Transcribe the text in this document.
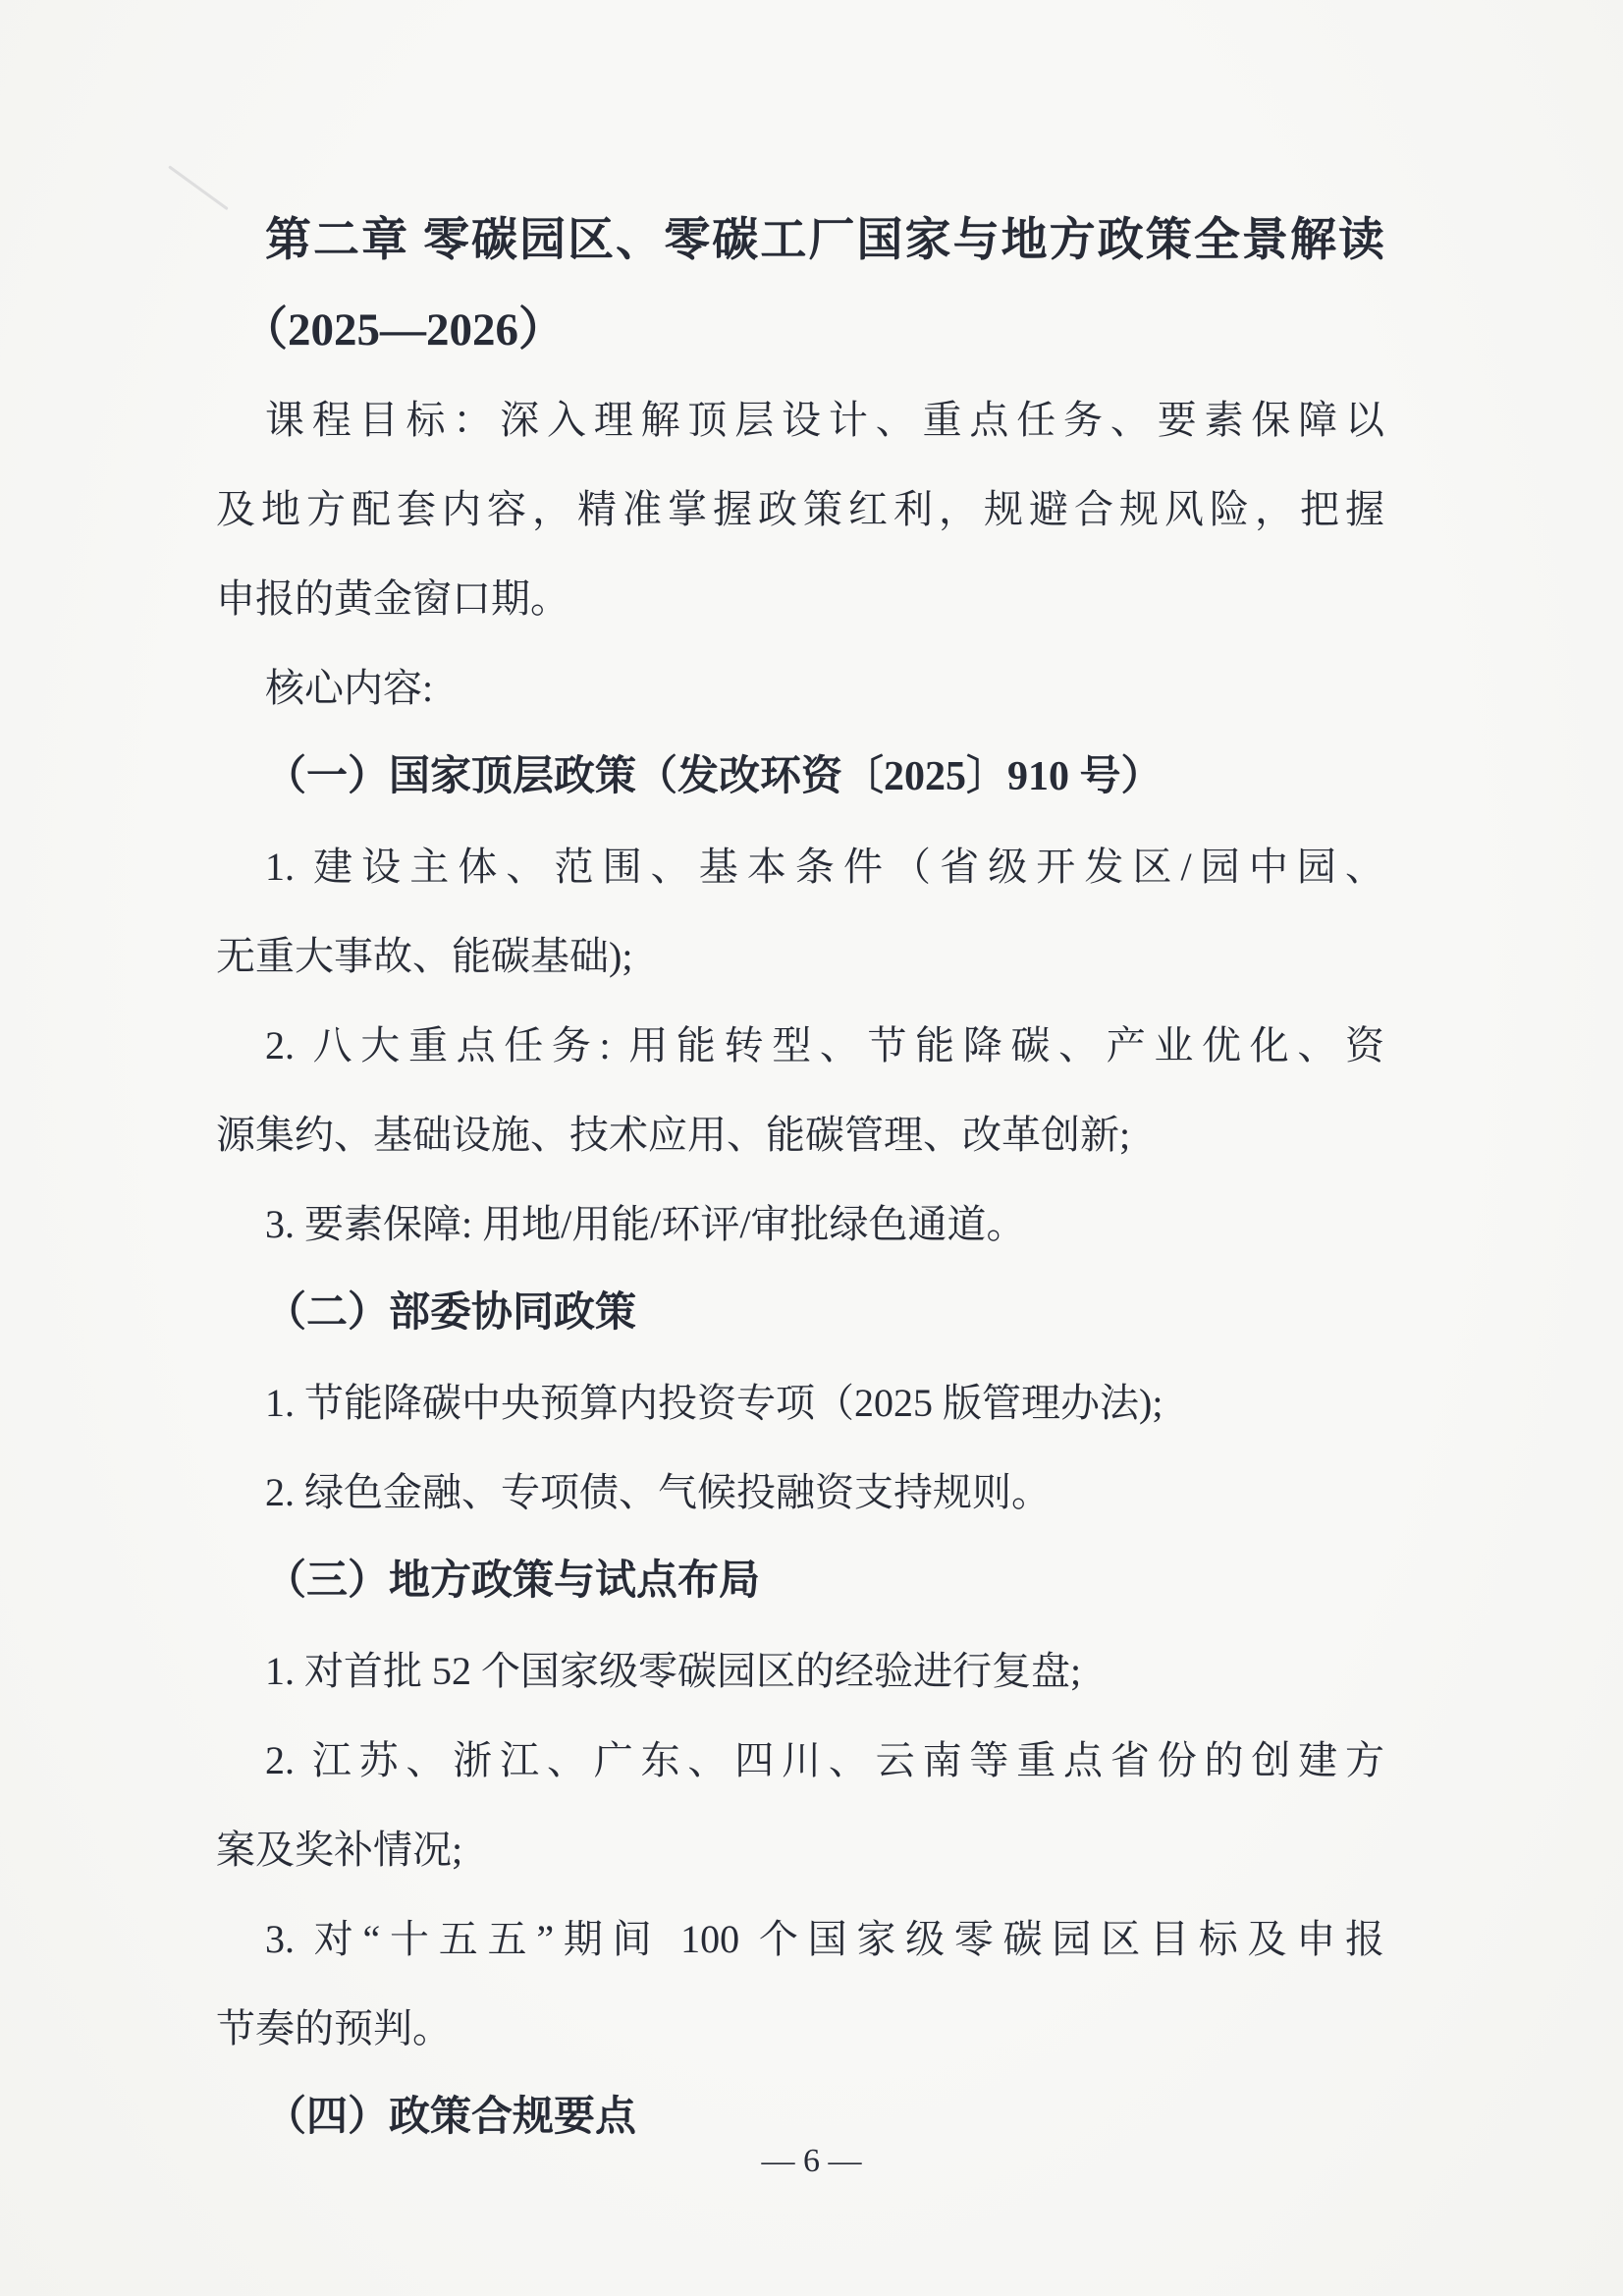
第二章 零碳园区、零碳工厂国家与地方政策全景解读
（2025—2026）
课程目标：深入理解顶层设计、重点任务、要素保障以
及地方配套内容，精准掌握政策红利，规避合规风险，把握
申报的黄金窗口期。
核心内容:
（一）国家顶层政策（发改环资〔2025〕910 号）
1. 建设主体、范围、基本条件（省级开发区/园中园、
无重大事故、能碳基础);
2. 八大重点任务: 用能转型、节能降碳、产业优化、资
源集约、基础设施、技术应用、能碳管理、改革创新;
3. 要素保障: 用地/用能/环评/审批绿色通道。
（二）部委协同政策
1. 节能降碳中央预算内投资专项（2025 版管理办法);
2. 绿色金融、专项债、气候投融资支持规则。
（三）地方政策与试点布局
1. 对首批 52 个国家级零碳园区的经验进行复盘;
2. 江苏、浙江、广东、四川、云南等重点省份的创建方
案及奖补情况;
3. 对“十五五”期间 100 个国家级零碳园区目标及申报
节奏的预判。
（四）政策合规要点
— 6 —
